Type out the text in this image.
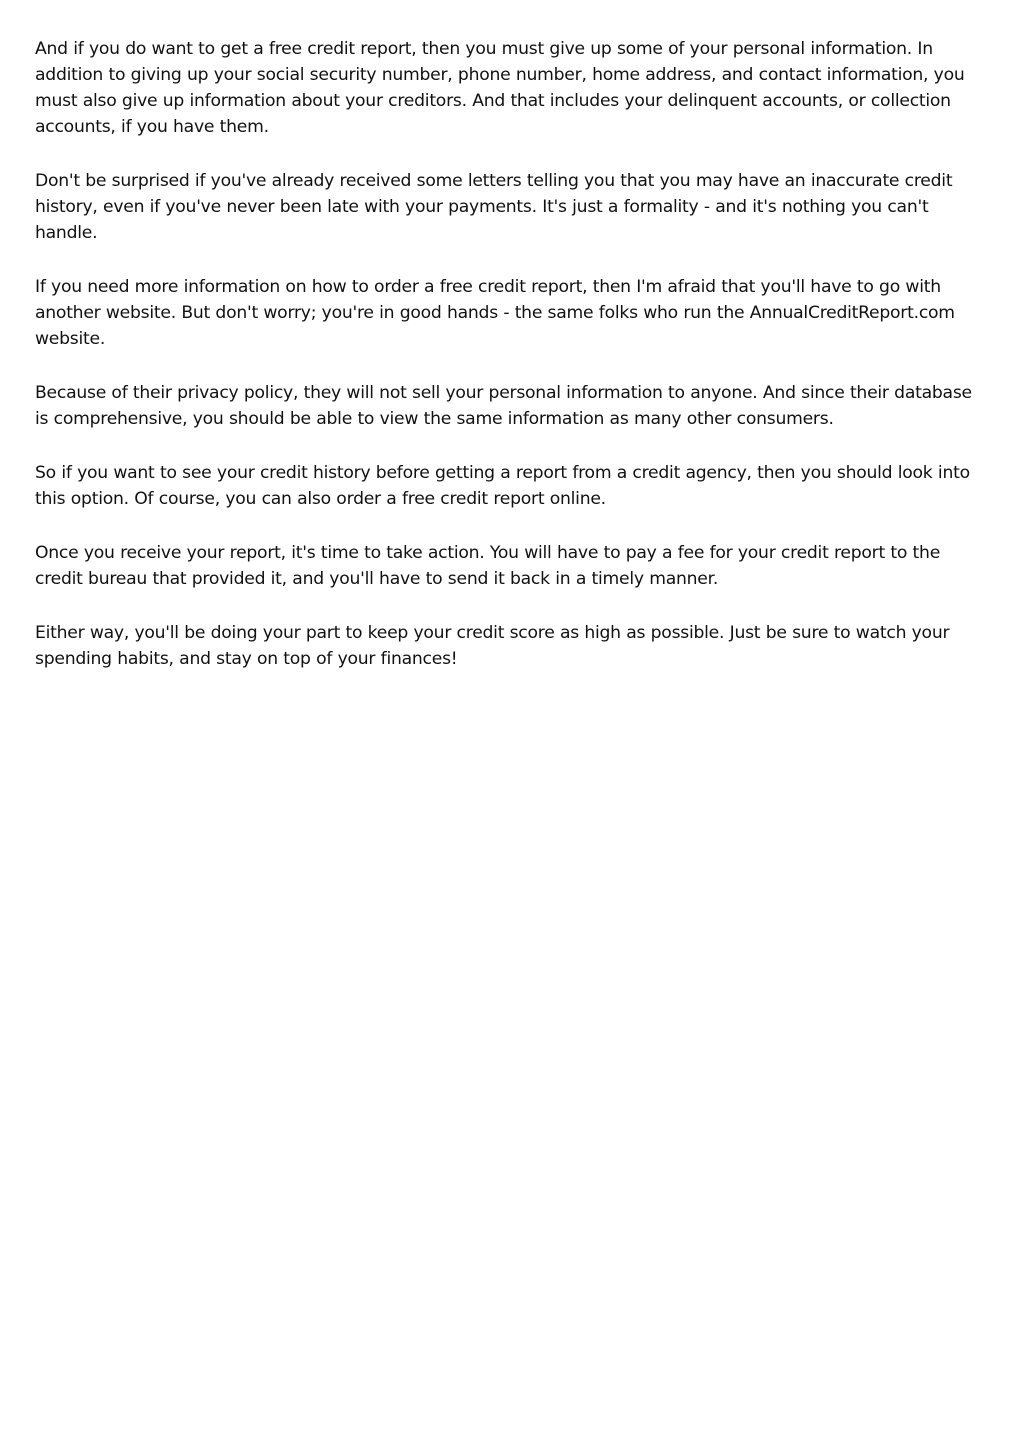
And if you do want to get a free credit report, then you must give up some of your personal information. In addition to giving up your social security number, phone number, home address, and contact information, you must also give up information about your creditors. And that includes your delinquent accounts, or collection accounts, if you have them.

Don't be surprised if you've already received some letters telling you that you may have an inaccurate credit history, even if you've never been late with your payments. It's just a formality - and it's nothing you can't handle.

If you need more information on how to order a free credit report, then I'm afraid that you'll have to go with another website. But don't worry; you're in good hands - the same folks who run the AnnualCreditReport.com website.

Because of their privacy policy, they will not sell your personal information to anyone. And since their database is comprehensive, you should be able to view the same information as many other consumers.

So if you want to see your credit history before getting a report from a credit agency, then you should look into this option. Of course, you can also order a free credit report online.

Once you receive your report, it's time to take action. You will have to pay a fee for your credit report to the credit bureau that provided it, and you'll have to send it back in a timely manner.

Either way, you'll be doing your part to keep your credit score as high as possible. Just be sure to watch your spending habits, and stay on top of your finances!
